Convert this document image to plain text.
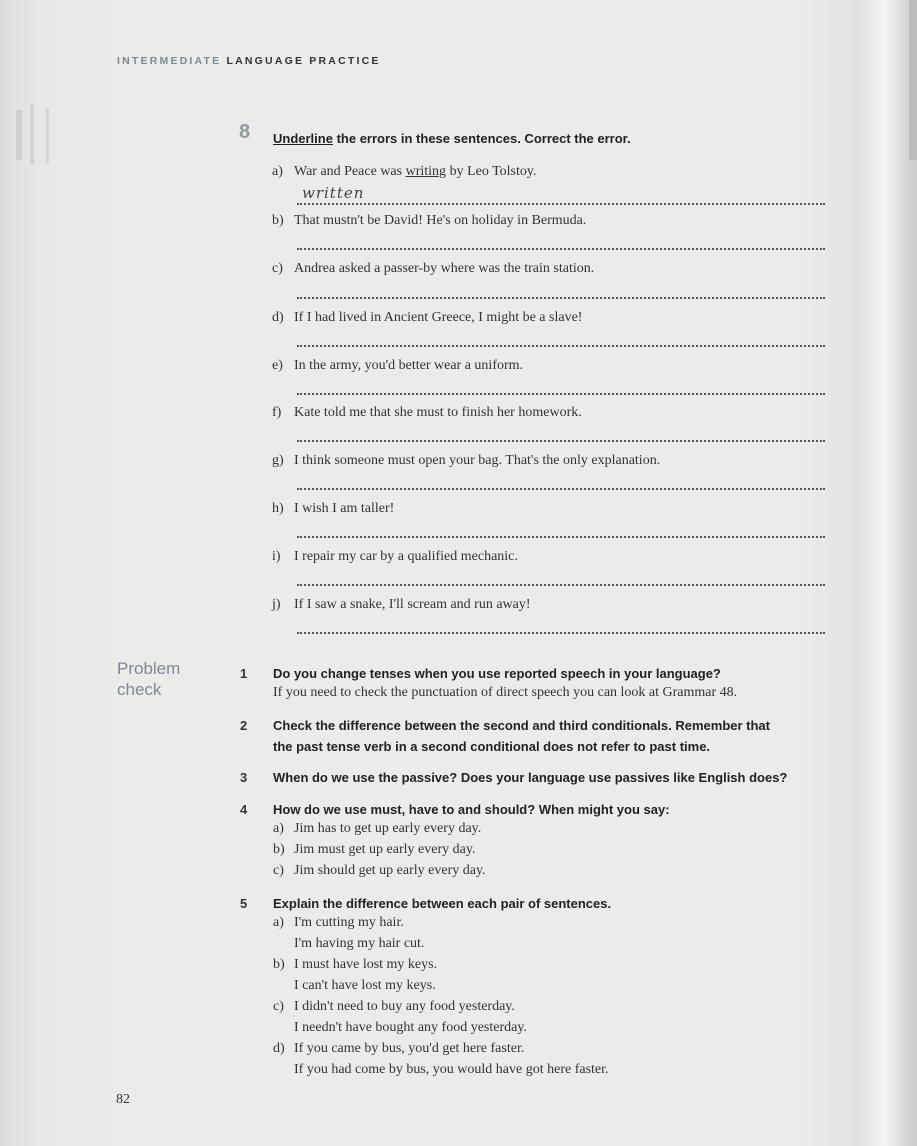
INTERMEDIATE LANGUAGE PRACTICE
8 Underline the errors in these sentences. Correct the error.
a) War and Peace was writing by Leo Tolstoy.
written
b) That mustn't be David! He's on holiday in Bermuda.
c) Andrea asked a passer-by where was the train station.
d) If I had lived in Ancient Greece, I might be a slave!
e) In the army, you'd better wear a uniform.
f) Kate told me that she must to finish her homework.
g) I think someone must open your bag. That's the only explanation.
h) I wish I am taller!
i) I repair my car by a qualified mechanic.
j) If I saw a snake, I'll scream and run away!
Problem
check
1 Do you change tenses when you use reported speech in your language?
If you need to check the punctuation of direct speech you can look at Grammar 48.
2 Check the difference between the second and third conditionals. Remember that
the past tense verb in a second conditional does not refer to past time.
3 When do we use the passive? Does your language use passives like English does?
4 How do we use must, have to and should? When might you say:
a) Jim has to get up early every day.
b) Jim must get up early every day.
c) Jim should get up early every day.
5 Explain the difference between each pair of sentences.
a) I'm cutting my hair.
I'm having my hair cut.
b) I must have lost my keys.
I can't have lost my keys.
c) I didn't need to buy any food yesterday.
I needn't have bought any food yesterday.
d) If you came by bus, you'd get here faster.
If you had come by bus, you would have got here faster.
82
